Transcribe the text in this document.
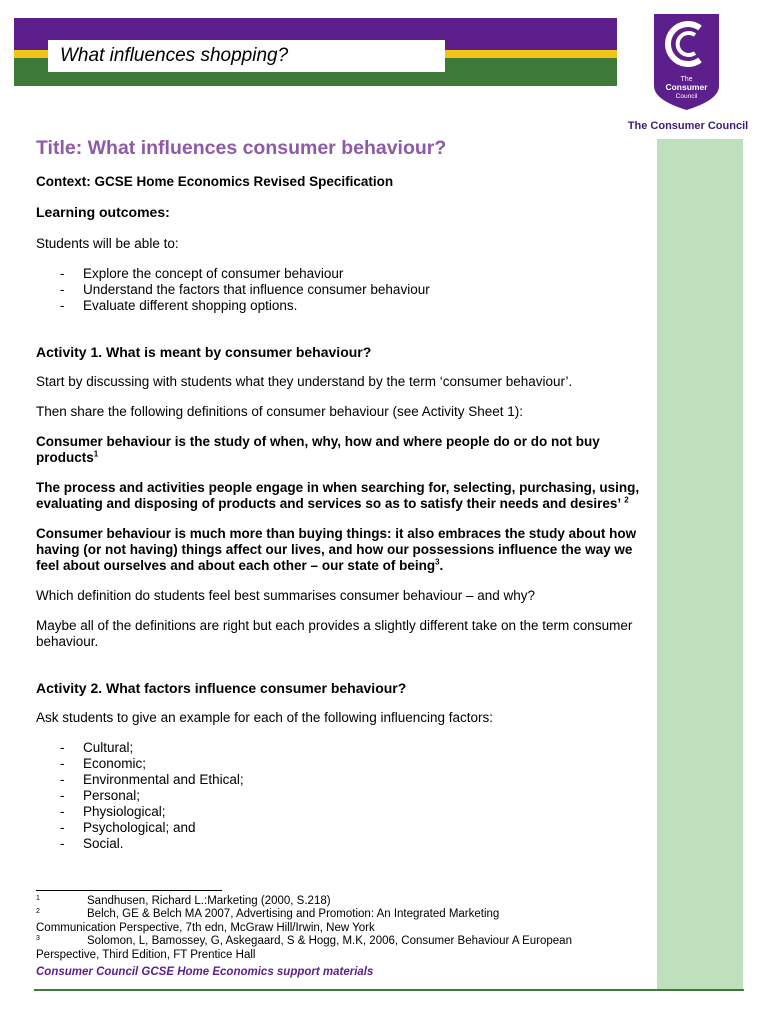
What influences shopping?
The
Consumer
Council
The Consumer Council

Title: What influences consumer behaviour?

Context: GCSE Home Economics Revised Specification

Learning outcomes:

Students will be able to:

- Explore the concept of consumer behaviour
- Understand the factors that influence consumer behaviour
- Evaluate different shopping options.

Activity 1. What is meant by consumer behaviour?

Start by discussing with students what they understand by the term ‘consumer behaviour’.

Then share the following definitions of consumer behaviour (see Activity Sheet 1):

Consumer behaviour is the study of when, why, how and where people do or do not buy products$^1$

The process and activities people engage in when searching for, selecting, purchasing, using, evaluating and disposing of products and services so as to satisfy their needs and desires’ $^2$

Consumer behaviour is much more than buying things: it also embraces the study about how having (or not having) things affect our lives, and how our possessions influence the way we feel about ourselves and about each other – our state of being$^3$.

Which definition do students feel best summarises consumer behaviour – and why?

Maybe all of the definitions are right but each provides a slightly different take on the term consumer behaviour.

Activity 2. What factors influence consumer behaviour?

Ask students to give an example for each of the following influencing factors:

- Cultural;
- Economic;
- Environmental and Ethical;
- Personal;
- Physiological;
- Psychological; and
- Social.
1	Sandhusen, Richard L.:Marketing (2000, S.218)
2	Belch, GE & Belch MA 2007, Advertising and Promotion: An Integrated Marketing
Communication Perspective, 7th edn, McGraw Hill/Irwin, New York
3	Solomon, L, Bamossey, G, Askegaard, S & Hogg, M.K, 2006, Consumer Behaviour A European
Perspective, Third Edition, FT Prentice Hall
Consumer Council GCSE Home Economics support materials
